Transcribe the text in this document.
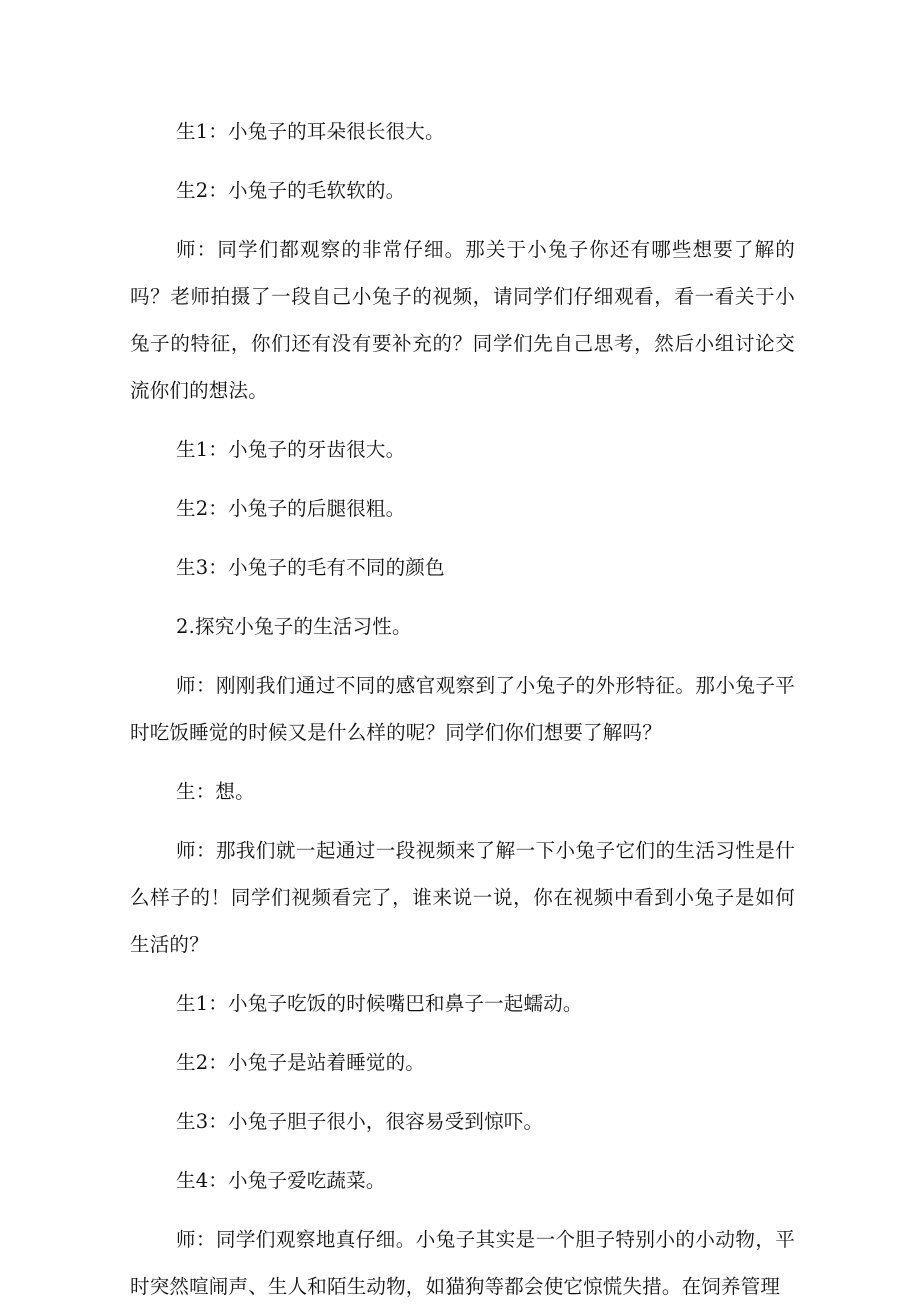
生1：小兔子的耳朵很长很大。

生2：小兔子的毛软软的。

师：同学们都观察的非常仔细。那关于小兔子你还有哪些想要了解的吗？老师拍摄了一段自己小兔子的视频，请同学们仔细观看，看一看关于小兔子的特征，你们还有没有要补充的？同学们先自己思考，然后小组讨论交流你们的想法。

生1：小兔子的牙齿很大。

生2：小兔子的后腿很粗。

生3：小兔子的毛有不同的颜色

2.探究小兔子的生活习性。

师：刚刚我们通过不同的感官观察到了小兔子的外形特征。那小兔子平时吃饭睡觉的时候又是什么样的呢？同学们你们想要了解吗？

生：想。

师：那我们就一起通过一段视频来了解一下小兔子它们的生活习性是什么样子的！同学们视频看完了，谁来说一说，你在视频中看到小兔子是如何生活的？

生1：小兔子吃饭的时候嘴巴和鼻子一起蠕动。

生2：小兔子是站着睡觉的。

生3：小兔子胆子很小，很容易受到惊吓。

生4：小兔子爱吃蔬菜。

师：同学们观察地真仔细。小兔子其实是一个胆子特别小的小动物，平时突然喧闹声、生人和陌生动物，如猫狗等都会使它惊慌失措。在饲养管理
